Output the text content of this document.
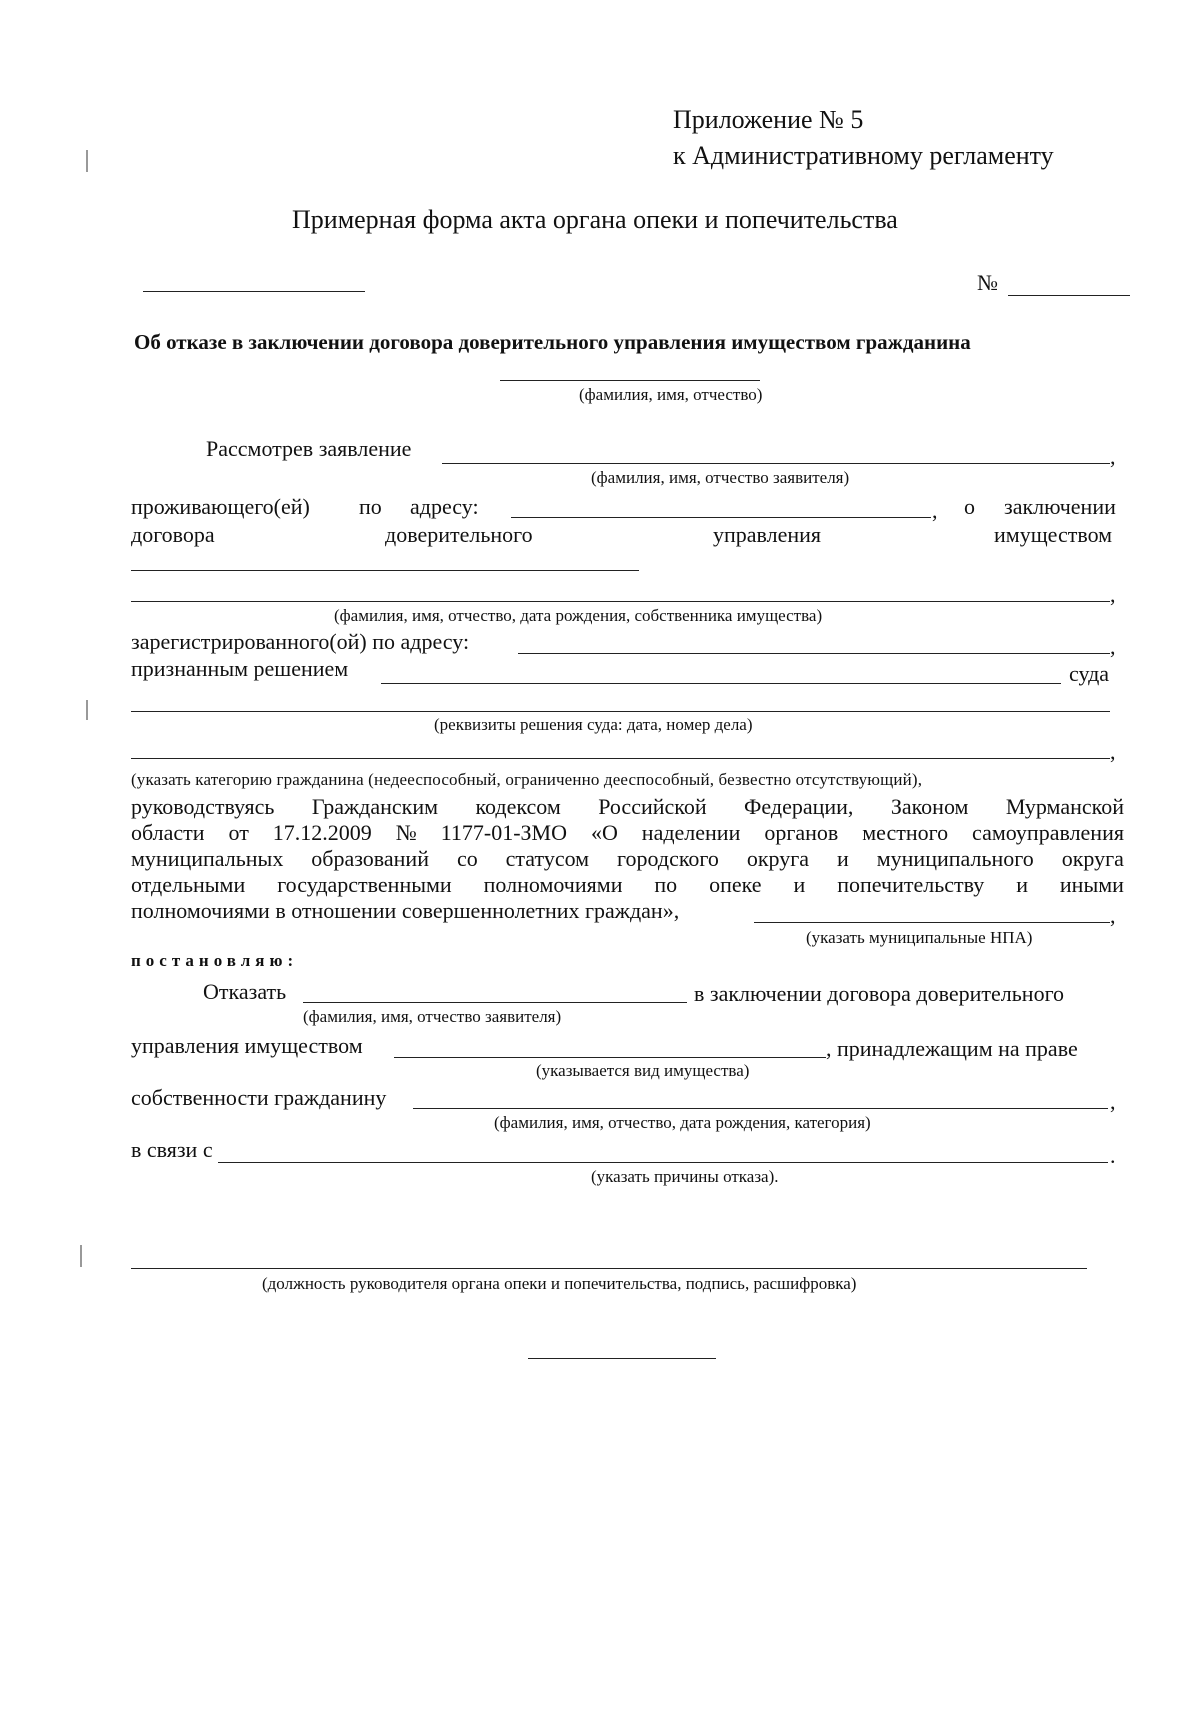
Приложение № 5
к Административному регламенту
Примерная форма акта органа опеки и попечительства
№
Об отказе в заключении договора доверительного управления имуществом гражданина
(фамилия, имя, отчество)
Рассмотрев заявление	,
(фамилия, имя, отчество заявителя)
проживающего(ей) по адресу:	, о заключении
договора	доверительного	управления	имуществом
,
(фамилия, имя, отчество, дата рождения, собственника имущества)
зарегистрированного(ой) по адресу:	,
признанным решением	суда
(реквизиты решения суда: дата, номер дела)
,
(указать категорию гражданина (недееспособный, ограниченно дееспособный, безвестно отсутствующий),
руководствуясь Гражданским кодексом Российской Федерации, Законом Мурманской
области от 17.12.2009 № 1177-01-ЗМО «О наделении органов местного самоуправления
муниципальных образований со статусом городского округа и муниципального округа
отдельными государственными полномочиями по опеке и попечительству и иными
полномочиями в отношении совершеннолетних граждан»,	,
(указать муниципальные НПА)
постановляю:
Отказать	в заключении договора доверительного
(фамилия, имя, отчество заявителя)
управления имуществом	, принадлежащим на праве
(указывается вид имущества)
собственности гражданину	,
(фамилия, имя, отчество, дата рождения, категория)
в связи с	.
(указать причины отказа).
(должность руководителя органа опеки и попечительства, подпись, расшифровка)
